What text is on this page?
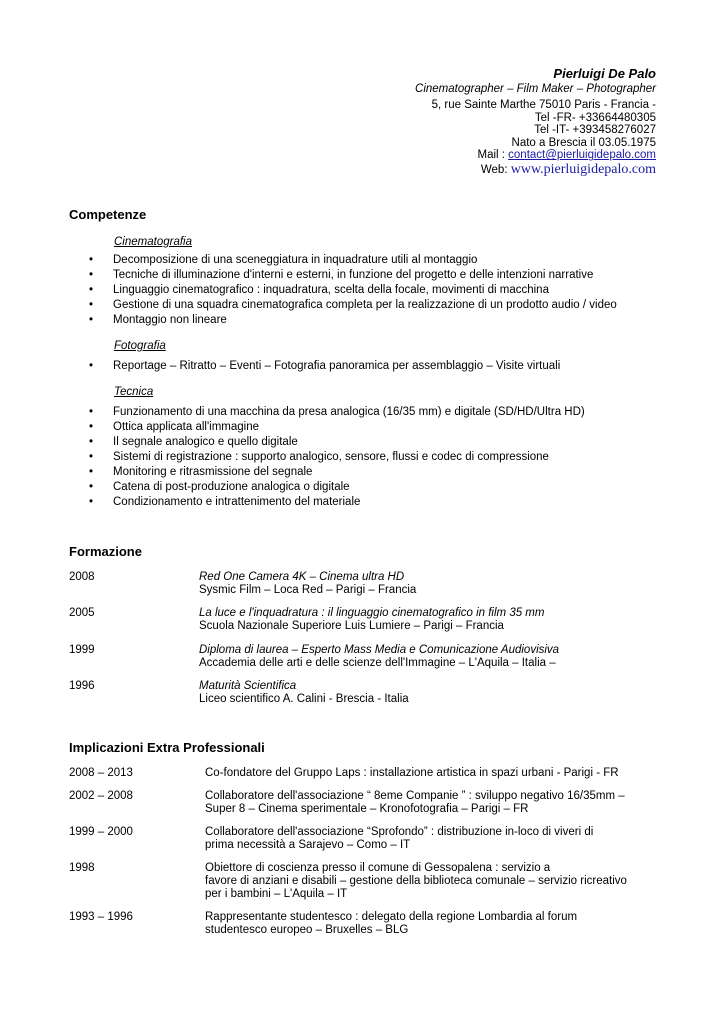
Pierluigi De Palo
Cinematographer – Film Maker – Photographer
5, rue Sainte Marthe 75010 Paris - Francia -
Tel -FR- +33664480305
Tel -IT- +393458276027
Nato a Brescia il 03.05.1975
Mail : contact@pierluigidepalo.com
Web: www.pierluigidepalo.com
Competenze
Cinematografia
• Decomposizione di una sceneggiatura in inquadrature utili al montaggio
• Tecniche di illuminazione d'interni e esterni, in funzione del progetto e delle intenzioni narrative
• Linguaggio cinematografico : inquadratura, scelta della focale, movimenti di macchina
• Gestione di una squadra cinematografica completa per la realizzazione di un prodotto audio / video
• Montaggio non lineare
Fotografia
• Reportage – Ritratto – Eventi – Fotografia panoramica per assemblaggio – Visite virtuali
Tecnica
• Funzionamento di una macchina da presa analogica (16/35 mm) e digitale (SD/HD/Ultra HD)
• Ottica applicata all'immagine
• Il segnale analogico e quello digitale
• Sistemi di registrazione : supporto analogico, sensore, flussi e codec di compressione
• Monitoring e ritrasmissione del segnale
• Catena di post-produzione analogica o digitale
• Condizionamento e intrattenimento del materiale
Formazione
2008	Red One Camera 4K – Cinema ultra HD
Sysmic Film – Loca Red – Parigi – Francia
2005	La luce e l'inquadratura : il linguaggio cinematografico in film 35 mm
Scuola Nazionale Superiore Luis Lumiere – Parigi – Francia
1999	Diploma di laurea – Esperto Mass Media e Comunicazione Audiovisiva
Accademia delle arti e delle scienze dell'Immagine – L'Aquila – Italia –
1996	Maturità Scientifica
Liceo scientifico A. Calini - Brescia - Italia
Implicazioni Extra Professionali
2008 – 2013	Co-fondatore del Gruppo Laps : installazione artistica in spazi urbani - Parigi - FR
2002 – 2008	Collaboratore dell'associazione “ 8eme Companie ” : sviluppo negativo 16/35mm –
Super 8 – Cinema sperimentale – Kronofotografia – Parigi – FR
1999 – 2000	Collaboratore dell'associazione “Sprofondo” : distribuzione in-loco di viveri di
prima necessità a Sarajevo – Como – IT
1998	Obiettore di coscienza presso il comune di Gessopalena : servizio a
favore di anziani e disabili – gestione della biblioteca comunale – servizio ricreativo
per i bambini – L'Aquila – IT
1993 – 1996	Rappresentante studentesco : delegato della regione Lombardia al forum
studentesco europeo – Bruxelles – BLG
